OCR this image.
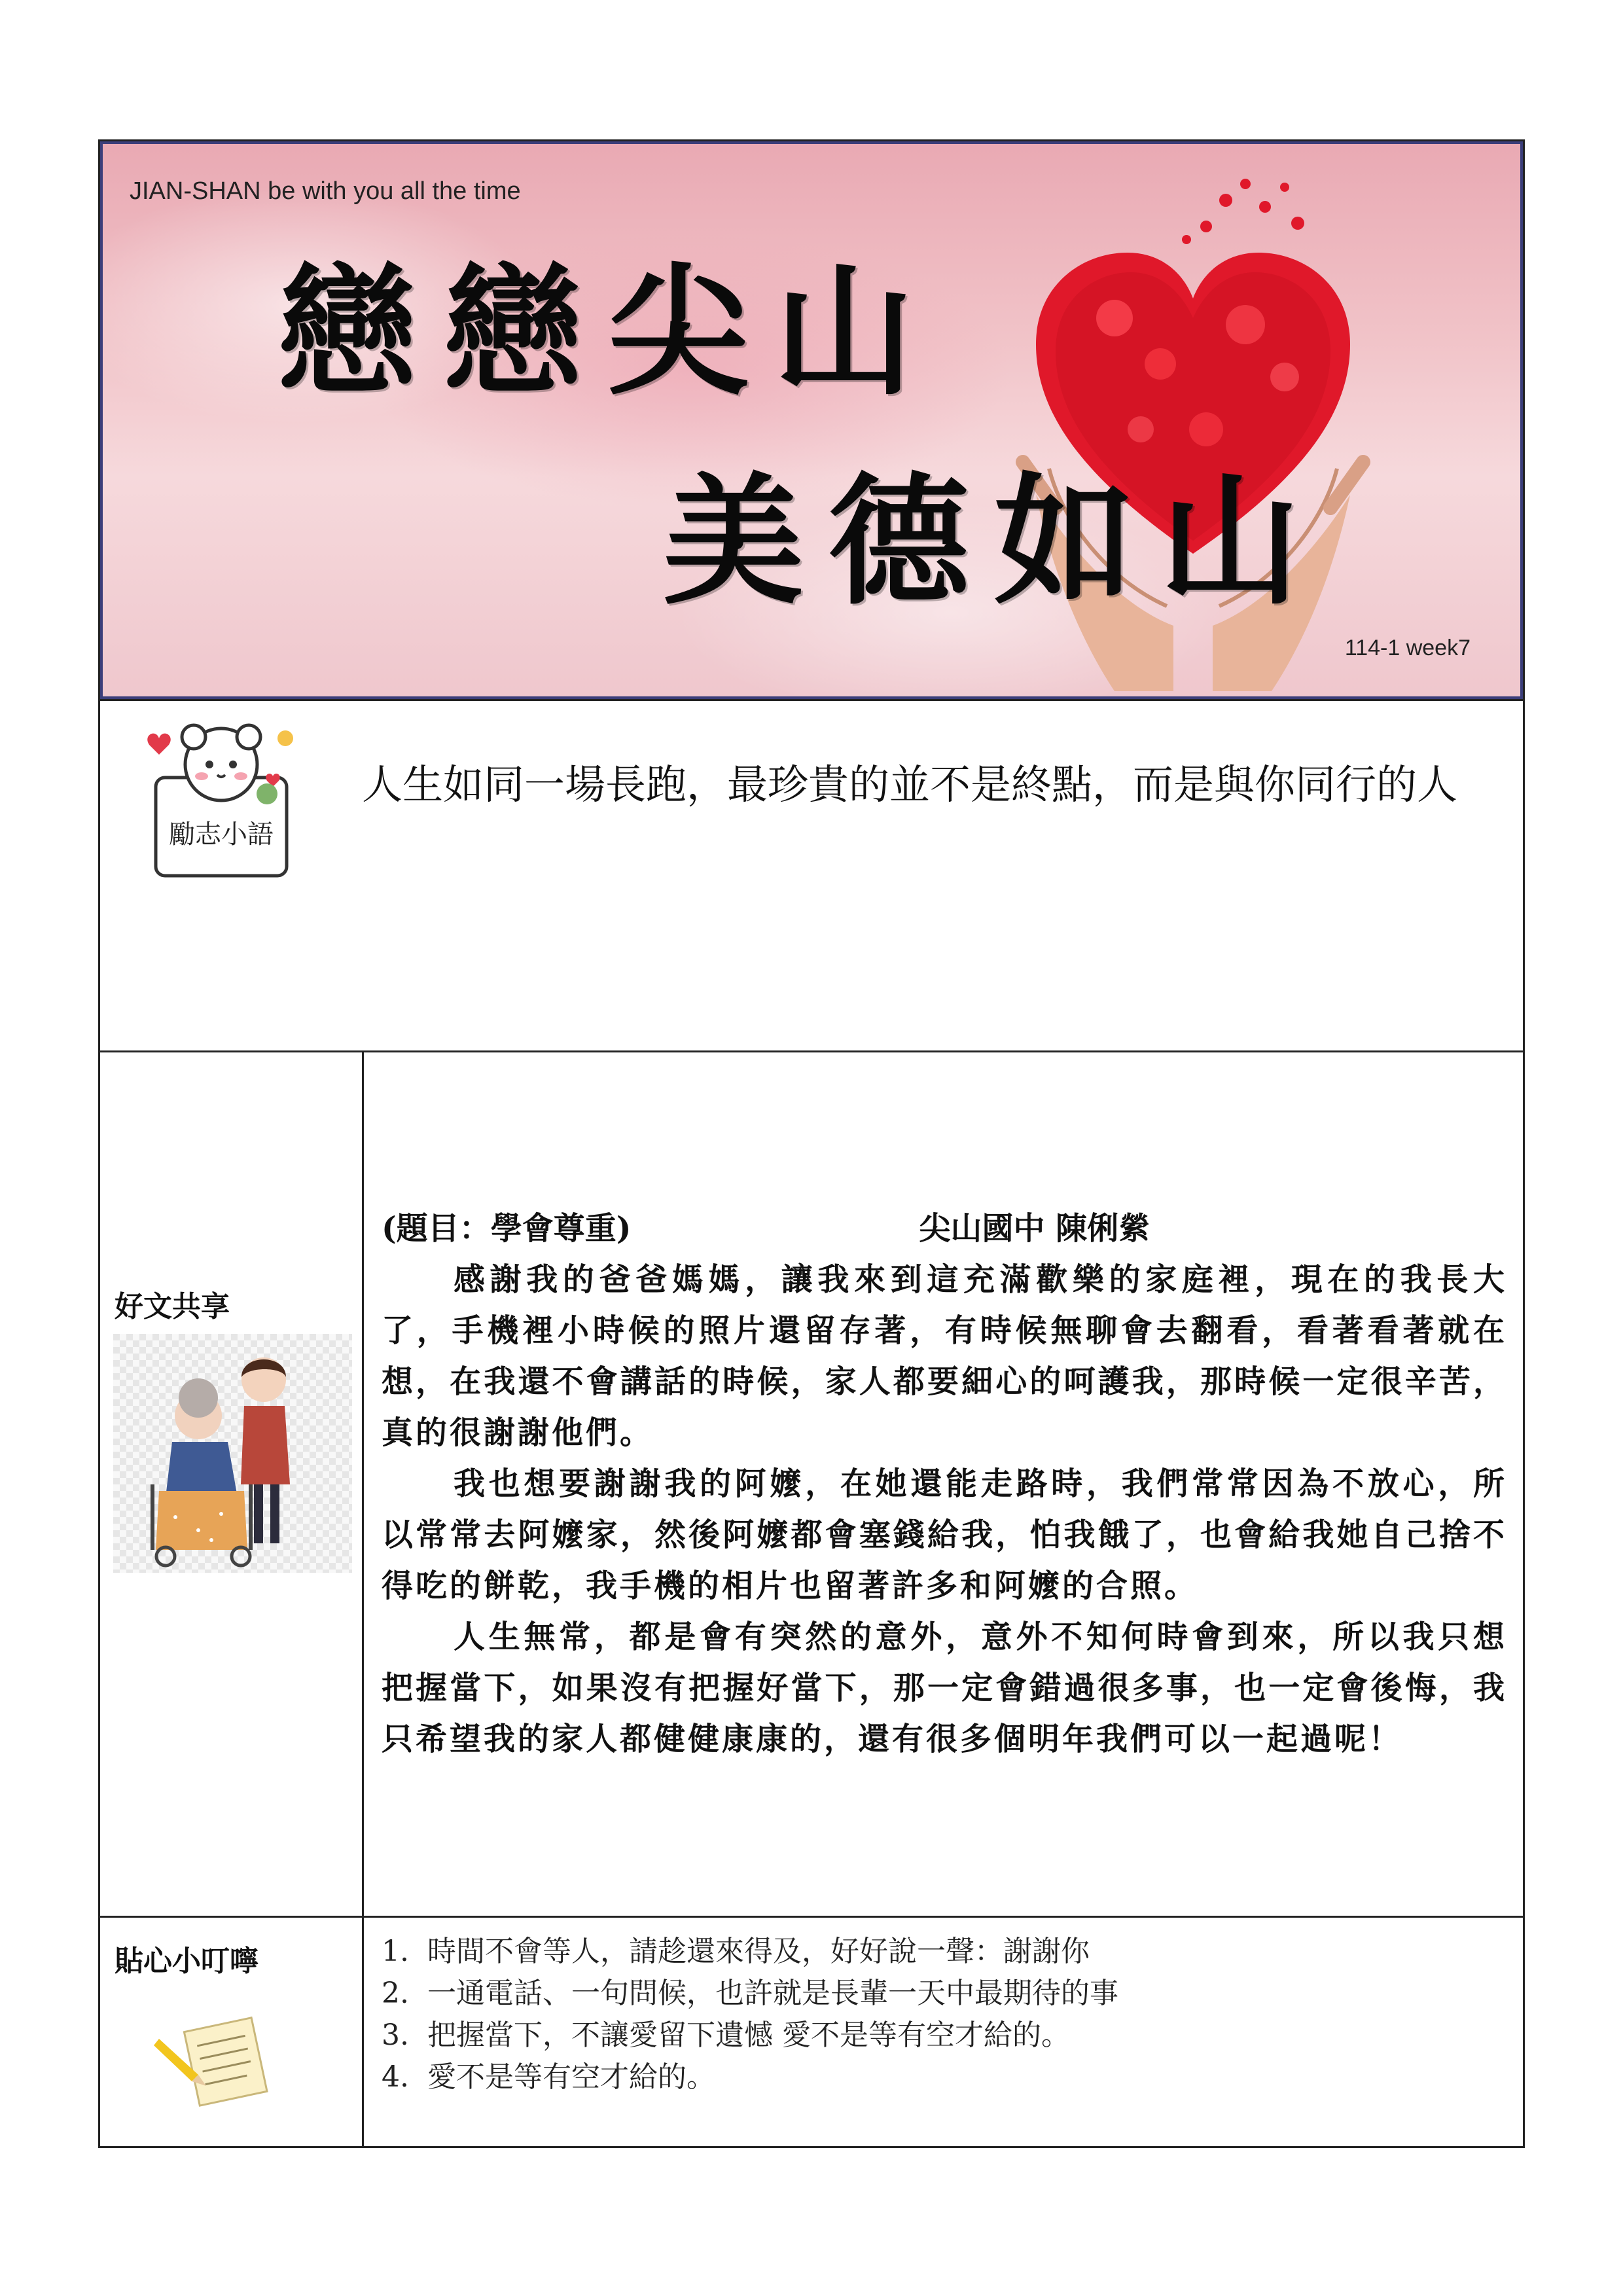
JIAN-SHAN be with you all the time
戀戀尖山
美德如山
114-1 week7
勵志小語
人生如同一場長跑，最珍貴的並不是終點，而是與你同行的人
好文共享
(題目：學會尊重)	尖山國中 陳俐縈

感謝我的爸爸媽媽，讓我來到這充滿歡樂的家庭裡，現在的我長大了，手機裡小時候的照片還留存著，有時候無聊會去翻看，看著看著就在想，在我還不會講話的時候，家人都要細心的呵護我，那時候一定很辛苦，真的很謝謝他們。

我也想要謝謝我的阿嬤，在她還能走路時，我們常常因為不放心，所以常常去阿嬤家，然後阿嬤都會塞錢給我，怕我餓了，也會給我她自己捨不得吃的餅乾，我手機的相片也留著許多和阿嬤的合照。

人生無常，都是會有突然的意外，意外不知何時會到來，所以我只想把握當下，如果沒有把握好當下，那一定會錯過很多事，也一定會後悔，我只希望我的家人都健健康康的，還有很多個明年我們可以一起過呢！

貼心小叮嚀	1. 時間不會等人，請趁還來得及，好好說一聲：謝謝你
2. 一通電話、一句問候，也許就是長輩一天中最期待的事
3. 把握當下，不讓愛留下遺憾 愛不是等有空才給的。
4. 愛不是等有空才給的。
